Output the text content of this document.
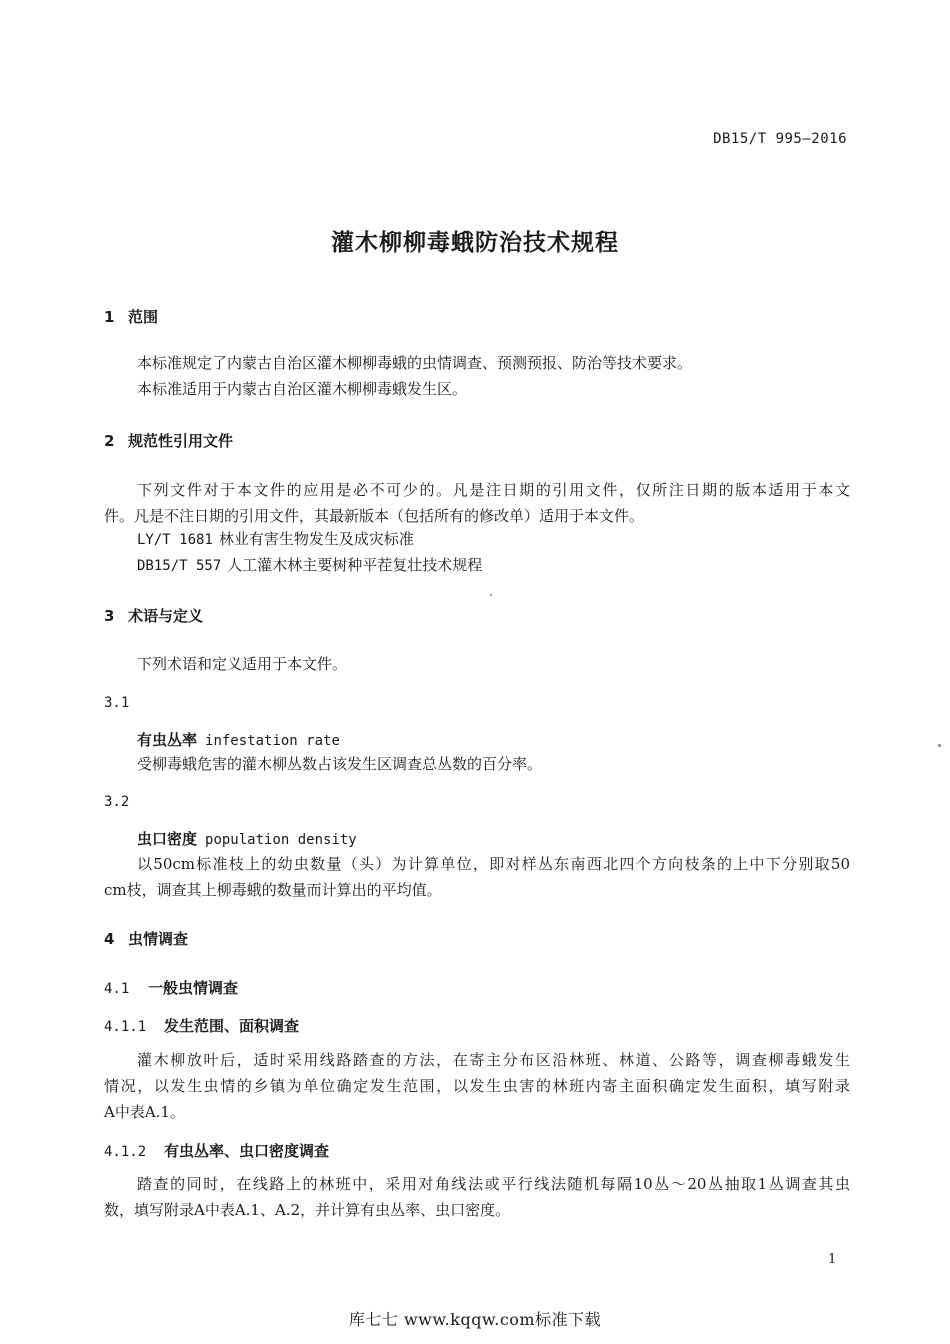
DB15/T 995—2016
灌木柳柳毒蛾防治技术规程
1 范围
本标准规定了内蒙古自治区灌木柳柳毒蛾的虫情调查、预测预报、防治等技术要求。
本标准适用于内蒙古自治区灌木柳柳毒蛾发生区。
2 规范性引用文件
下列文件对于本文件的应用是必不可少的。凡是注日期的引用文件，仅所注日期的版本适用于本文
件。凡是不注日期的引用文件，其最新版本（包括所有的修改单）适用于本文件。
LY/T 1681 林业有害生物发生及成灾标准
DB15/T 557 人工灌木林主要树种平茬复壮技术规程
3 术语与定义
下列术语和定义适用于本文件。
3.1
有虫丛率 infestation rate
受柳毒蛾危害的灌木柳丛数占该发生区调查总丛数的百分率。
3.2
虫口密度 population density
以50cm标准枝上的幼虫数量（头）为计算单位，即对样丛东南西北四个方向枝条的上中下分别取50
cm枝，调查其上柳毒蛾的数量而计算出的平均值。
4 虫情调查
4.1 一般虫情调查
4.1.1 发生范围、面积调查
灌木柳放叶后，适时采用线路踏查的方法，在寄主分布区沿林班、林道、公路等，调查柳毒蛾发生
情况，以发生虫情的乡镇为单位确定发生范围，以发生虫害的林班内寄主面积确定发生面积，填写附录
A中表A.1。
4.1.2 有虫丛率、虫口密度调查
踏查的同时，在线路上的林班中，采用对角线法或平行线法随机每隔10丛～20丛抽取1丛调查其虫
数，填写附录A中表A.1、A.2，并计算有虫丛率、虫口密度。
1
库七七 www.kqqw.com标准下载
